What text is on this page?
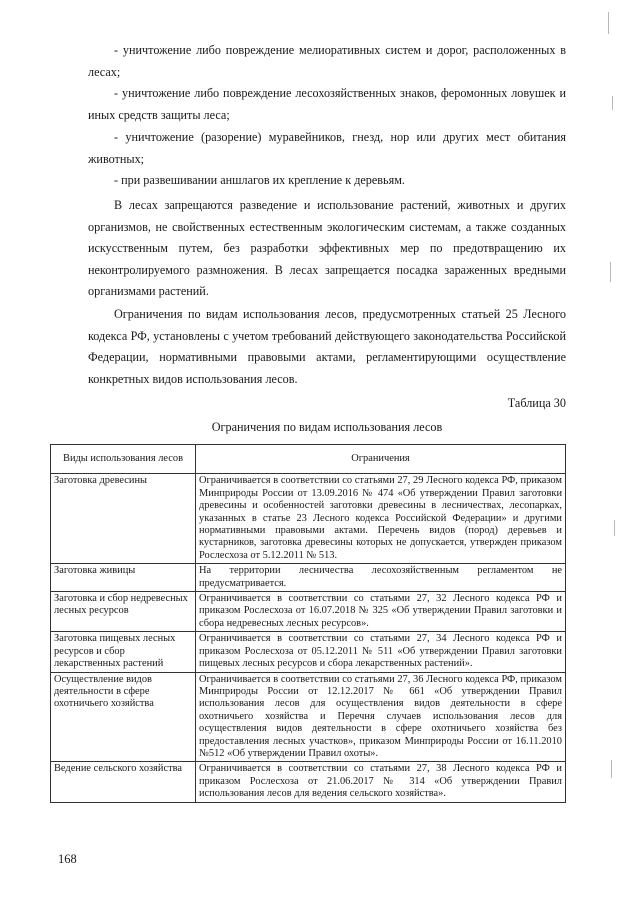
- уничтожение либо повреждение мелиоративных систем и дорог, расположенных в лесах;

- уничтожение либо повреждение лесохозяйственных знаков, феромонных ловушек и иных средств защиты леса;

- уничтожение (разорение) муравейников, гнезд, нор или других мест обитания животных;

- при развешивании аншлагов их крепление к деревьям.

В лесах запрещаются разведение и использование растений, животных и других организмов, не свойственных естественным экологическим системам, а также созданных искусственным путем, без разработки эффективных мер по предотвращению их неконтролируемого размножения. В лесах запрещается посадка зараженных вредными организмами растений.

Ограничения по видам использования лесов, предусмотренных статьей 25 Лесного кодекса РФ, установлены с учетом требований действующего законодательства Российской Федерации, нормативными правовыми актами, регламентирующими осуществление конкретных видов использования лесов.

Таблица 30

Ограничения по видам использования лесов

Виды использования лесов	Ограничения
Заготовка древесины	Ограничивается в соответствии со статьями 27, 29 Лесного кодекса РФ, приказом Минприроды России от 13.09.2016 № 474 «Об утверждении Правил заготовки древесины и особенностей заготовки древесины в лесничествах, лесопарках, указанных в статье 23 Лесного кодекса Российской Федерации» и другими нормативными правовыми актами. Перечень видов (пород) деревьев и кустарников, заготовка древесины которых не допускается, утвержден приказом Рослесхоза от 5.12.2011 № 513.
Заготовка живицы	На территории лесничества лесохозяйственным регламентом не предусматривается.
Заготовка и сбор недревесных лесных ресурсов	Ограничивается в соответствии со статьями 27, 32 Лесного кодекса РФ и приказом Рослесхоза от 16.07.2018 № 325 «Об утверждении Правил заготовки и сбора недревесных лесных ресурсов».
Заготовка пищевых лесных ресурсов и сбор лекарственных растений	Ограничивается в соответствии со статьями 27, 34 Лесного кодекса РФ и приказом Рослесхоза от 05.12.2011 № 511 «Об утверждении Правил заготовки пищевых лесных ресурсов и сбора лекарственных растений».
Осуществление видов деятельности в сфере охотничьего хозяйства	Ограничивается в соответствии со статьями 27, 36 Лесного кодекса РФ, приказом Минприроды России от 12.12.2017 № 661 «Об утверждении Правил использования лесов для осуществления видов деятельности в сфере охотничьего хозяйства и Перечня случаев использования лесов для осуществления видов деятельности в сфере охотничьего хозяйства без предоставления лесных участков», приказом Минприроды России от 16.11.2010 №512 «Об утверждении Правил охоты».
Ведение сельского хозяйства	Ограничивается в соответствии со статьями 27, 38 Лесного кодекса РФ и приказом Рослесхоза от 21.06.2017 № 314 «Об утверждении Правил использования лесов для ведения сельского хозяйства».

168
